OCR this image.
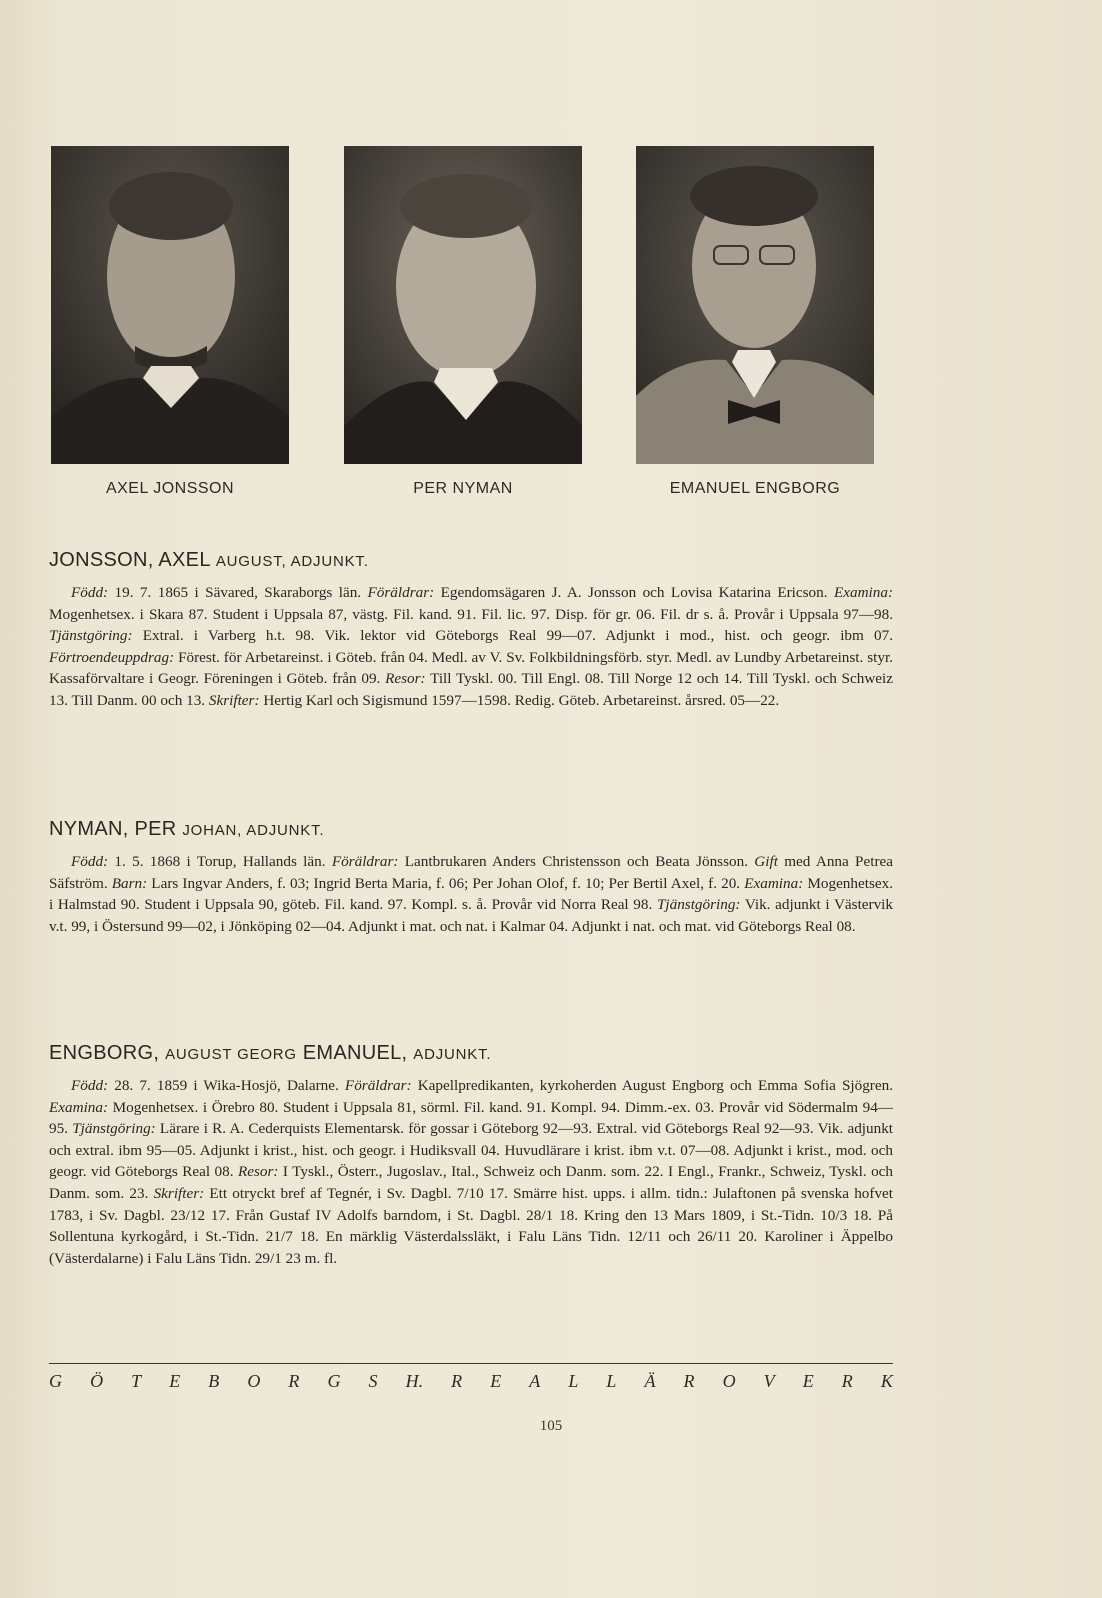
AXEL JONSSON	PER NYMAN	EMANUEL ENGBORG
JONSSON, AXEL AUGUST, ADJUNKT.

Född: 19. 7. 1865 i Sävared, Skaraborgs län. Föräldrar: Egendomsägaren J. A. Jonsson och Lovisa Katarina Ericson. Examina: Mogenhetsex. i Skara 87. Student i Uppsala 87, västg. Fil. kand. 91. Fil. lic. 97. Disp. för gr. 06. Fil. dr s. å. Provår i Uppsala 97—98. Tjänstgöring: Extral. i Varberg h.t. 98. Vik. lektor vid Göteborgs Real 99—07. Adjunkt i mod., hist. och geogr. ibm 07. Förtroendeuppdrag: Förest. för Arbetareinst. i Göteb. från 04. Medl. av V. Sv. Folkbildningsförb. styr. Medl. av Lundby Arbetareinst. styr. Kassaförvaltare i Geogr. Föreningen i Göteb. från 09. Resor: Till Tyskl. 00. Till Engl. 08. Till Norge 12 och 14. Till Tyskl. och Schweiz 13. Till Danm. 00 och 13. Skrifter: Hertig Karl och Sigismund 1597—1598. Redig. Göteb. Arbetareinst. årsred. 05—22.

NYMAN, PER JOHAN, ADJUNKT.

Född: 1. 5. 1868 i Torup, Hallands län. Föräldrar: Lantbrukaren Anders Christensson och Beata Jönsson. Gift med Anna Petrea Säfström. Barn: Lars Ingvar Anders, f. 03; Ingrid Berta Maria, f. 06; Per Johan Olof, f. 10; Per Bertil Axel, f. 20. Examina: Mogenhetsex. i Halmstad 90. Student i Uppsala 90, göteb. Fil. kand. 97. Kompl. s. å. Provår vid Norra Real 98. Tjänstgöring: Vik. adjunkt i Västervik v.t. 99, i Östersund 99—02, i Jönköping 02—04. Adjunkt i mat. och nat. i Kalmar 04. Adjunkt i nat. och mat. vid Göteborgs Real 08.

ENGBORG, AUGUST GEORG EMANUEL, ADJUNKT.

Född: 28. 7. 1859 i Wika-Hosjö, Dalarne. Föräldrar: Kapellpredikanten, kyrkoherden August Engborg och Emma Sofia Sjögren. Examina: Mogenhetsex. i Örebro 80. Student i Uppsala 81, sörml. Fil. kand. 91. Kompl. 94. Dimm.-ex. 03. Provår vid Södermalm 94—95. Tjänstgöring: Lärare i R. A. Cederquists Elementarsk. för gossar i Göteborg 92—93. Extral. vid Göteborgs Real 92—93. Vik. adjunkt och extral. ibm 95—05. Adjunkt i krist., hist. och geogr. i Hudiksvall 04. Huvudlärare i krist. ibm v.t. 07—08. Adjunkt i krist., mod. och geogr. vid Göteborgs Real 08. Resor: I Tyskl., Österr., Jugoslav., Ital., Schweiz och Danm. som. 22. I Engl., Frankr., Schweiz, Tyskl. och Danm. som. 23. Skrifter: Ett otryckt bref af Tegnér, i Sv. Dagbl. 7/10 17. Smärre hist. upps. i allm. tidn.: Julaftonen på svenska hofvet 1783, i Sv. Dagbl. 23/12 17. Från Gustaf IV Adolfs barndom, i St. Dagbl. 28/1 18. Kring den 13 Mars 1809, i St.-Tidn. 10/3 18. På Sollentuna kyrkogård, i St.-Tidn. 21/7 18. En märklig Västerdalssläkt, i Falu Läns Tidn. 12/11 och 26/11 20. Karoliner i Äppelbo (Västerdalarne) i Falu Läns Tidn. 29/1 23 m. fl.

G Ö T E B O R G S H. R E A L L Ä R O V E R K
105
